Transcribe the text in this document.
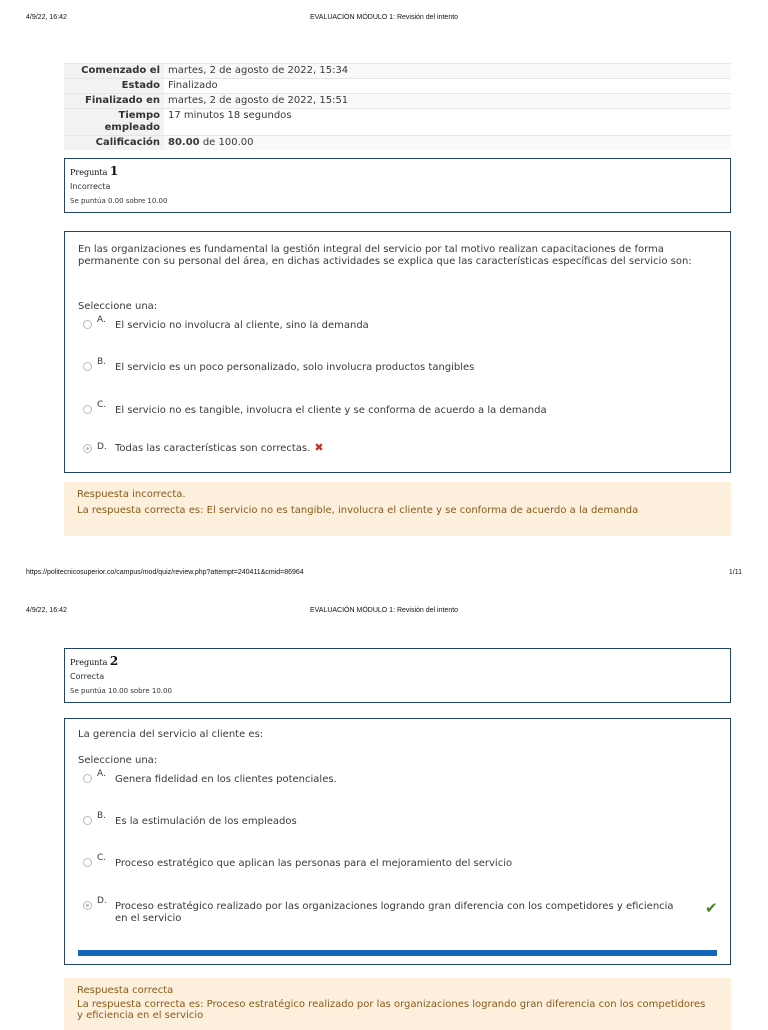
4/9/22, 16:42	EVALUACIÓN MÓDULO 1: Revisión del intento
Comenzado el	martes, 2 de agosto de 2022, 15:34
Estado	Finalizado
Finalizado en	martes, 2 de agosto de 2022, 15:51
Tiempo empleado	17 minutos 18 segundos
Calificación	80.00 de 100.00
Pregunta 1
Incorrecta
Se puntúa 0.00 sobre 10.00
En las organizaciones es fundamental la gestión integral del servicio por tal motivo realizan capacitaciones de forma permanente con su personal del área, en dichas actividades se explica que las características específicas del servicio son:
Seleccione una:
A. El servicio no involucra al cliente, sino la demanda
B. El servicio es un poco personalizado, solo involucra productos tangibles
C. El servicio no es tangible, involucra el cliente y se conforma de acuerdo a la demanda
D. Todas las características son correctas. ✖
Respuesta incorrecta.
La respuesta correcta es: El servicio no es tangible, involucra el cliente y se conforma de acuerdo a la demanda
https://politecnicosuperior.co/campus/mod/quiz/review.php?attempt=240411&cmid=86964	1/11
4/9/22, 16:42	EVALUACIÓN MÓDULO 1: Revisión del intento
Pregunta 2
Correcta
Se puntúa 10.00 sobre 10.00
La gerencia del servicio al cliente es:
Seleccione una:
A. Genera fidelidad en los clientes potenciales.
B. Es la estimulación de los empleados
C. Proceso estratégico que aplican las personas para el mejoramiento del servicio
D. Proceso estratégico realizado por las organizaciones logrando gran diferencia con los competidores y eficiencia en el servicio
✔
Respuesta correcta
La respuesta correcta es: Proceso estratégico realizado por las organizaciones logrando gran diferencia con los competidores y eficiencia en el servicio
